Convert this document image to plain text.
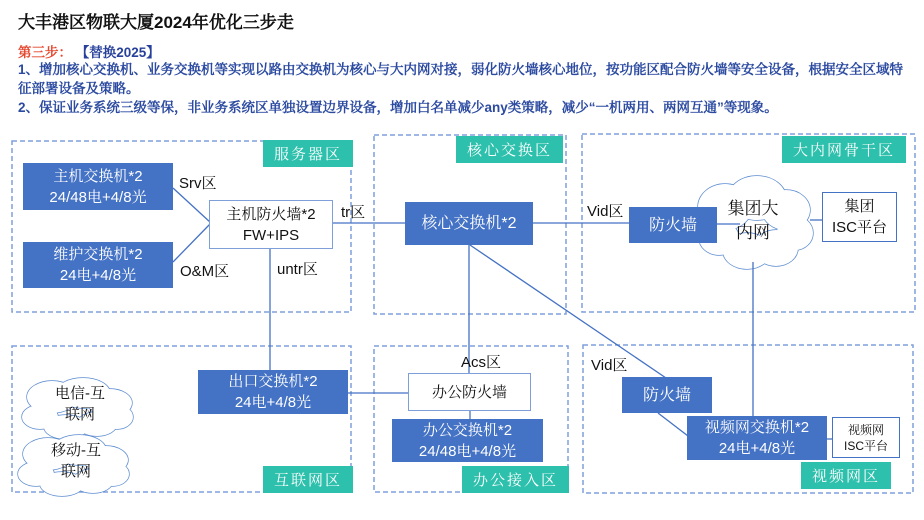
大丰港区物联大厦2024年优化三步走
第三步： 【替换2025】
1、增加核心交换机、业务交换机等实现以路由交换机为核心与大内网对接，弱化防火墙核心地位，按功能区配合防火墙等安全设备，根据安全区域特征部署设备及策略。
2、保证业务系统三级等保，非业务系统区单独设置边界设备，增加白名单减少any类策略，减少“一机两用、两网互通”等现象。
集团大
内网
电信-互
联网
移动-互
联网
Srv区
O&M区
tr区
untr区
Vid区
Acs区	Vid区
主机交换机*2
24/48电+4/8光
维护交换机*2
24电+4/8光
主机防火墙*2
FW+IPS
核心交换机*2	防火墙
集团
ISC平台
出口交换机*2
24电+4/8光
办公防火墙
办公交换机*2
24/48电+4/8光
防火墙
视频网交换机*2
24电+4/8光
视频网
ISC平台
服务器区	核心交换区	大内网骨干区
互联网区	办公接入区	视频网区
